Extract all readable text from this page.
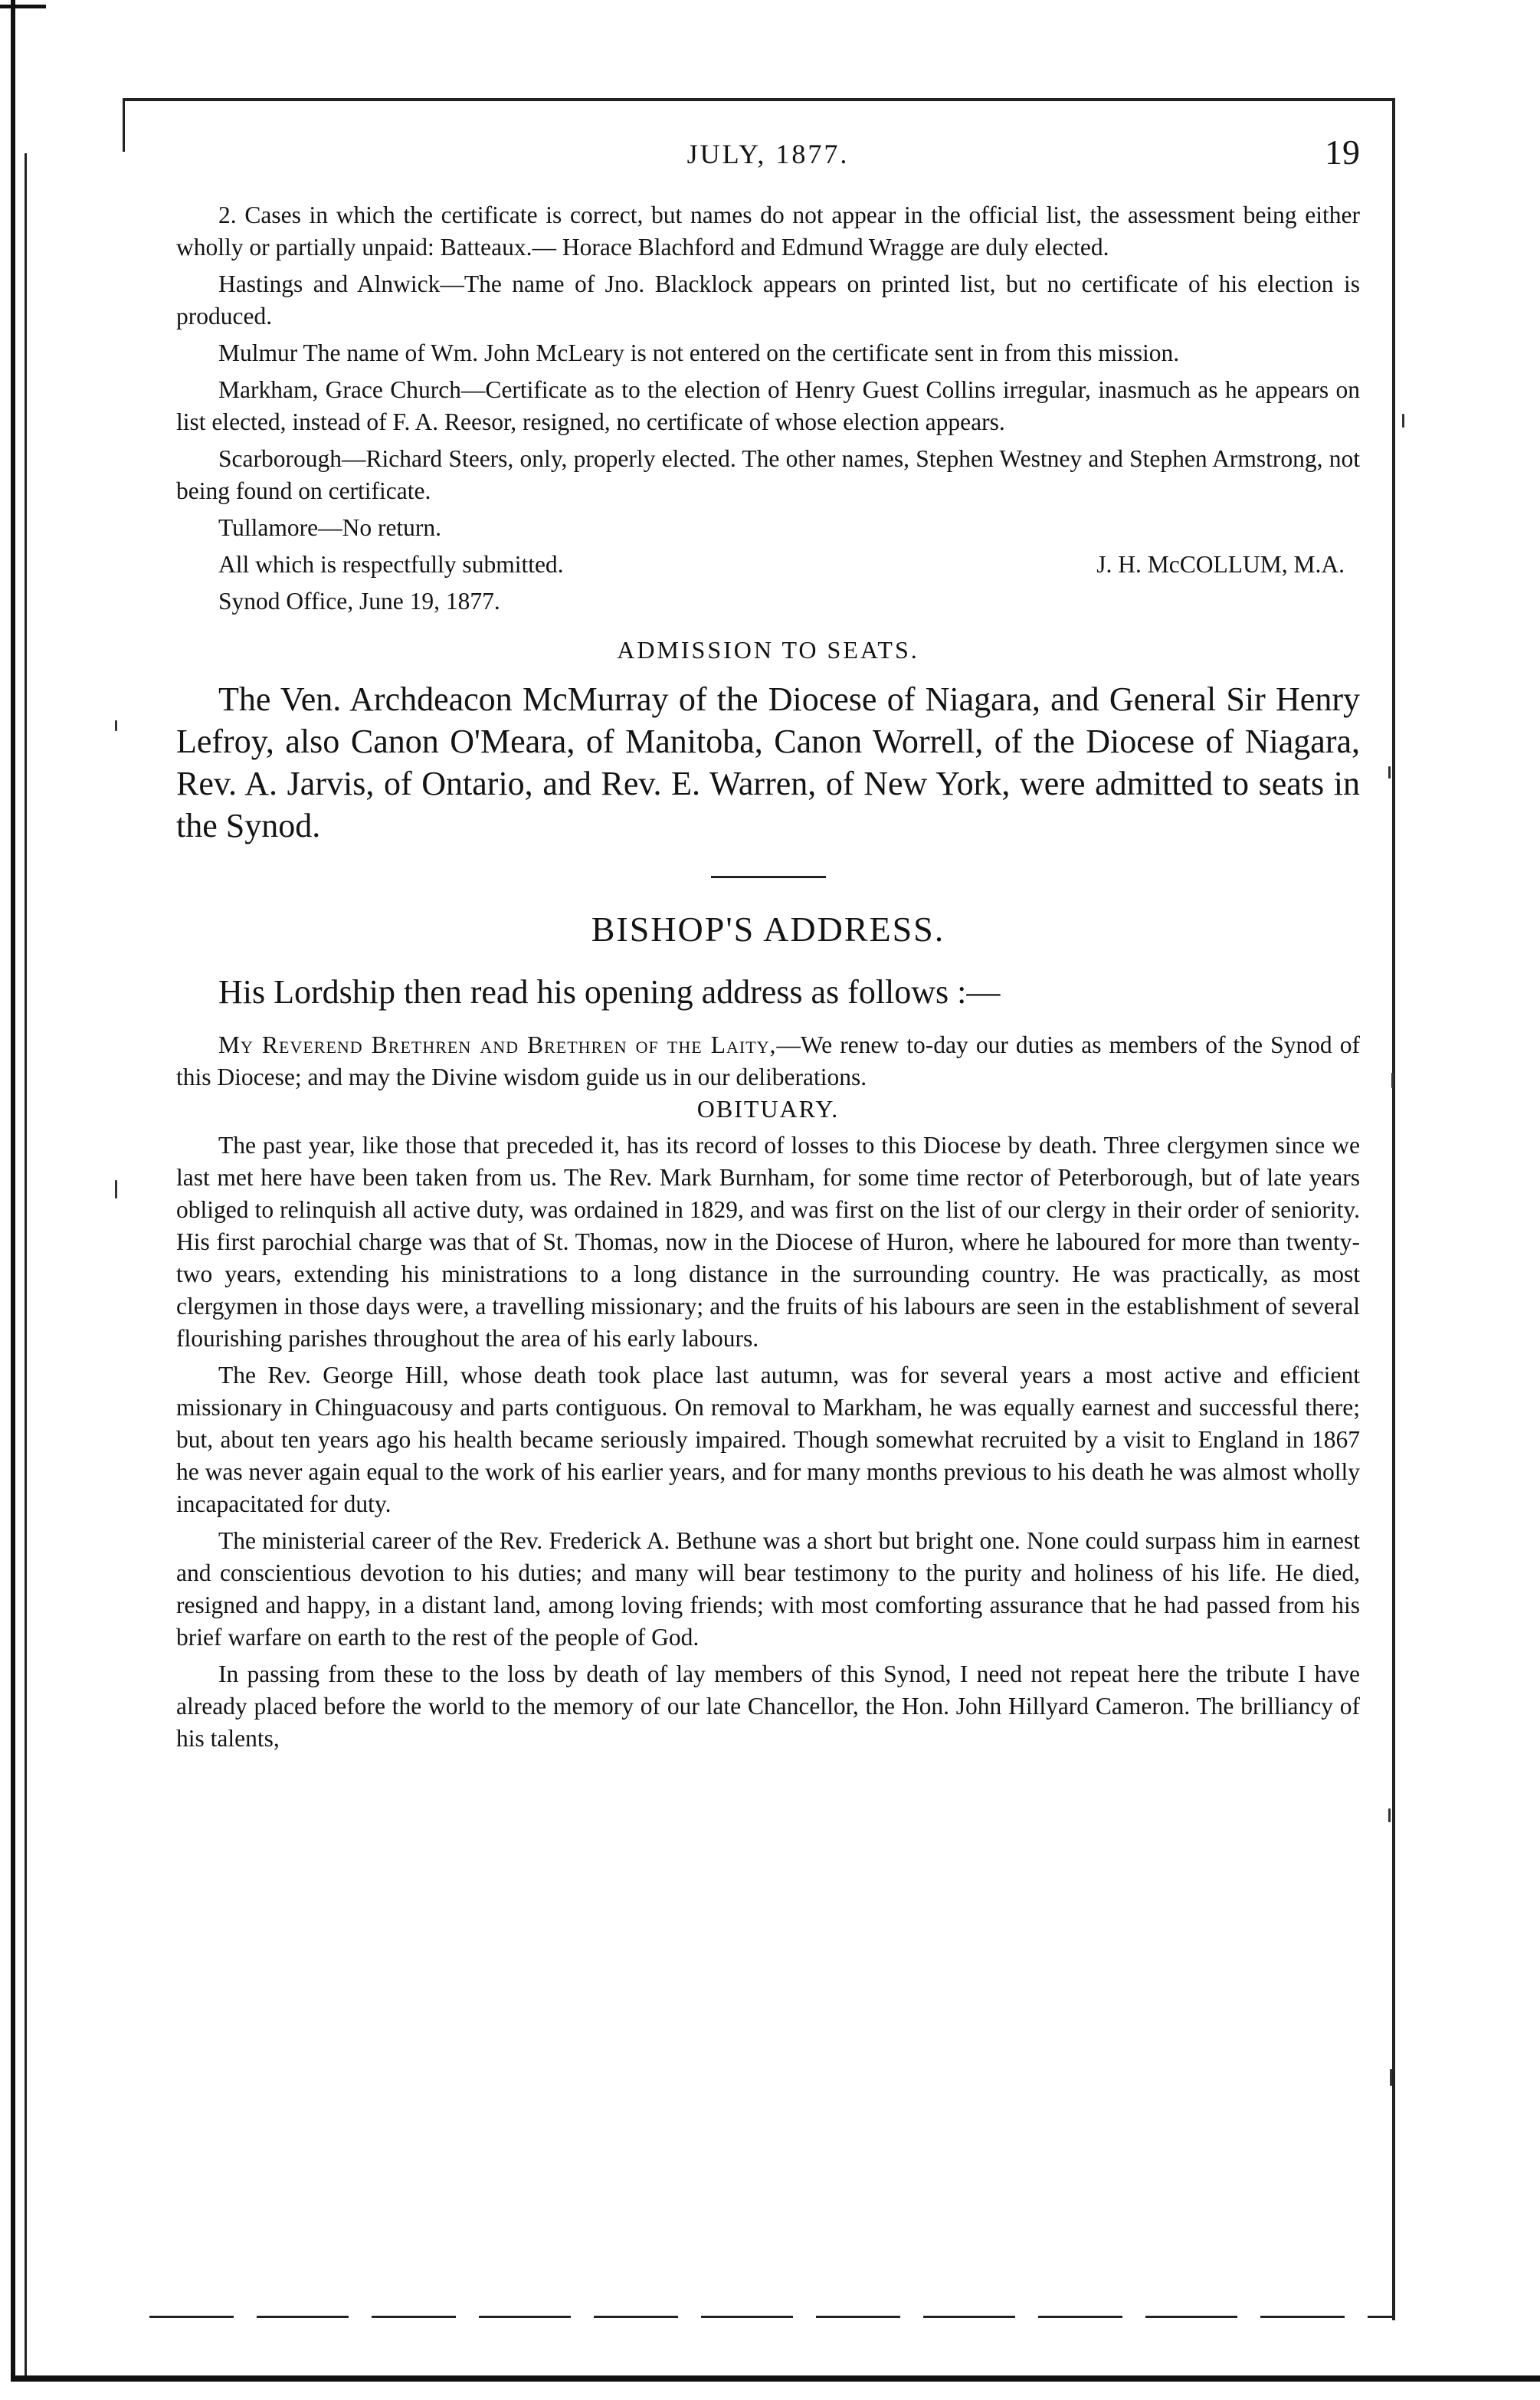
JULY, 1877.	19

2. Cases in which the certificate is correct, but names do not appear in the official list, the assessment being either wholly or partially unpaid: Batteaux.— Horace Blachford and Edmund Wragge are duly elected.

Hastings and Alnwick—The name of Jno. Blacklock appears on printed list, but no certificate of his election is produced.

Mulmur The name of Wm. John McLeary is not entered on the certificate sent in from this mission.

Markham, Grace Church—Certificate as to the election of Henry Guest Collins irregular, inasmuch as he appears on list elected, instead of F. A. Reesor, resigned, no certificate of whose election appears.

Scarborough—Richard Steers, only, properly elected. The other names, Stephen Westney and Stephen Armstrong, not being found on certificate.

Tullamore—No return.

All which is respectfully submitted.	J. H. McCOLLUM, M.A.

Synod Office, June 19, 1877.

ADMISSION TO SEATS.

The Ven. Archdeacon McMurray of the Diocese of Niagara, and General Sir Henry Lefroy, also Canon O'Meara, of Manitoba, Canon Worrell, of the Diocese of Niagara, Rev. A. Jarvis, of Ontario, and Rev. E. Warren, of New York, were admitted to seats in the Synod.

BISHOP'S ADDRESS.

His Lordship then read his opening address as follows :—

My Reverend Brethren and Brethren of the Laity,—We renew to-day our duties as members of the Synod of this Diocese; and may the Divine wisdom guide us in our deliberations.

OBITUARY.

The past year, like those that preceded it, has its record of losses to this Diocese by death. Three clergymen since we last met here have been taken from us. The Rev. Mark Burnham, for some time rector of Peterborough, but of late years obliged to relinquish all active duty, was ordained in 1829, and was first on the list of our clergy in their order of seniority. His first parochial charge was that of St. Thomas, now in the Diocese of Huron, where he laboured for more than twenty-two years, extending his ministrations to a long distance in the surrounding country. He was practically, as most clergymen in those days were, a travelling missionary; and the fruits of his labours are seen in the establishment of several flourishing parishes throughout the area of his early labours.

The Rev. George Hill, whose death took place last autumn, was for several years a most active and efficient missionary in Chinguacousy and parts contiguous. On removal to Markham, he was equally earnest and successful there; but, about ten years ago his health became seriously impaired. Though somewhat recruited by a visit to England in 1867 he was never again equal to the work of his earlier years, and for many months previous to his death he was almost wholly incapacitated for duty.

The ministerial career of the Rev. Frederick A. Bethune was a short but bright one. None could surpass him in earnest and conscientious devotion to his duties; and many will bear testimony to the purity and holiness of his life. He died, resigned and happy, in a distant land, among loving friends; with most comforting assurance that he had passed from his brief warfare on earth to the rest of the people of God.

In passing from these to the loss by death of lay members of this Synod, I need not repeat here the tribute I have already placed before the world to the memory of our late Chancellor, the Hon. John Hillyard Cameron. The brilliancy of his talents,
